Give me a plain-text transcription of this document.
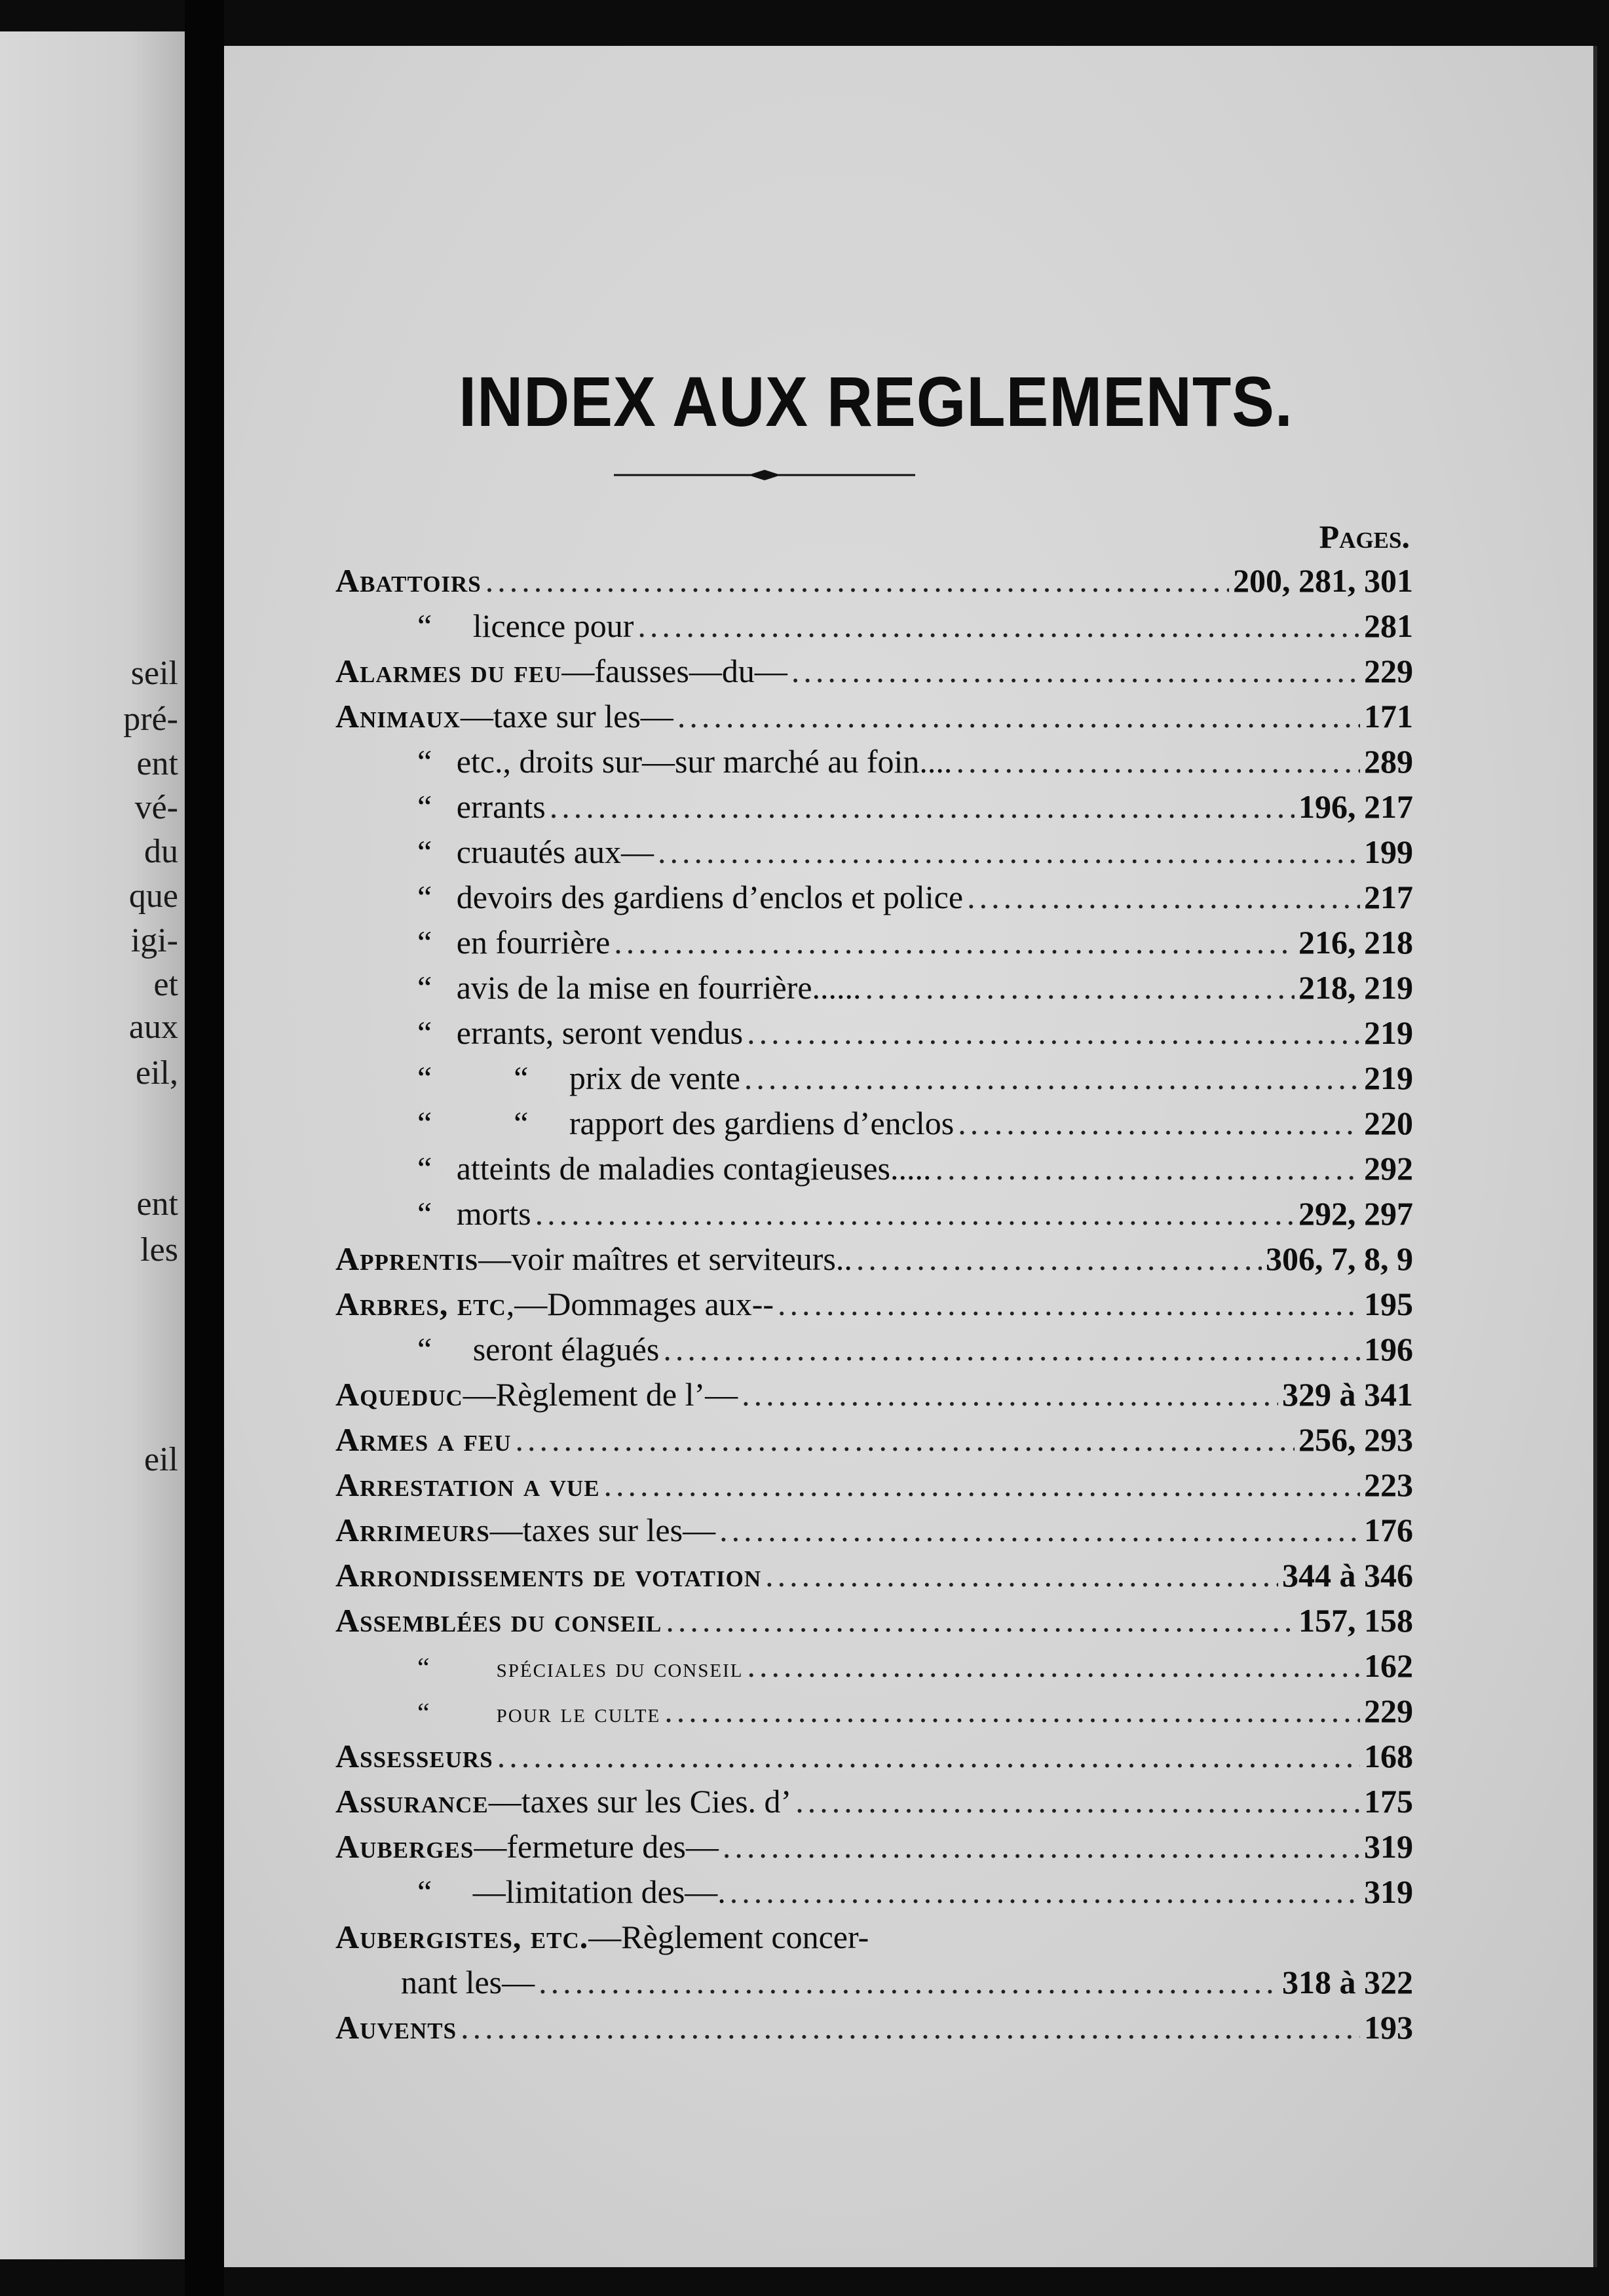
seil
pré-
ent
vé-
du
que
igi-
et
aux
eil,
ent
les
eil
INDEX AUX REGLEMENTS.
Pages.
Abattoirs .....	200, 281, 301
“     licence pour .....	281
Alarmes du feu —fausses—du— .....	229
Animaux —taxe sur les— .....	171
“   etc., droits sur—sur marché au foin.... .....	289
“   errants .....	196, 217
“   cruautés aux— .....	199
“   devoirs des gardiens d’enclos et police .....	217
“   en fourrière .....	216, 218
“   avis de la mise en fourrière...... .....	218, 219
“   errants, seront vendus .....	219
“          “     prix de vente .....	219
“          “     rapport des gardiens d’enclos .....	220
“   atteints de maladies contagieuses..... .....	292
“   morts .....	292, 297
Apprentis —voir maîtres et serviteurs.. .....	306, 7, 8, 9
Arbres, etc ,—Dommages aux-- .....	195
“     seront élagués .....	196
Aqueduc —Règlement de l’— .....	329 à 341
Armes a feu .....	256, 293
Arrestation a vue .....	223
Arrimeurs —taxes sur les— .....	176
Arrondissements de votation .....	344 à 346
Assemblées du conseil .....	157, 158
“        spéciales du conseil .....	162
“        pour le culte .....	229
Assesseurs .....	168
Assurance —taxes sur les Cies. d’ .....	175
Auberges —fermeture des— .....	319
“     —limitation des—. .....	319
Aubergistes, etc. —Règlement concer-
nant les— .....	318 à 322
Auvents .....	193
